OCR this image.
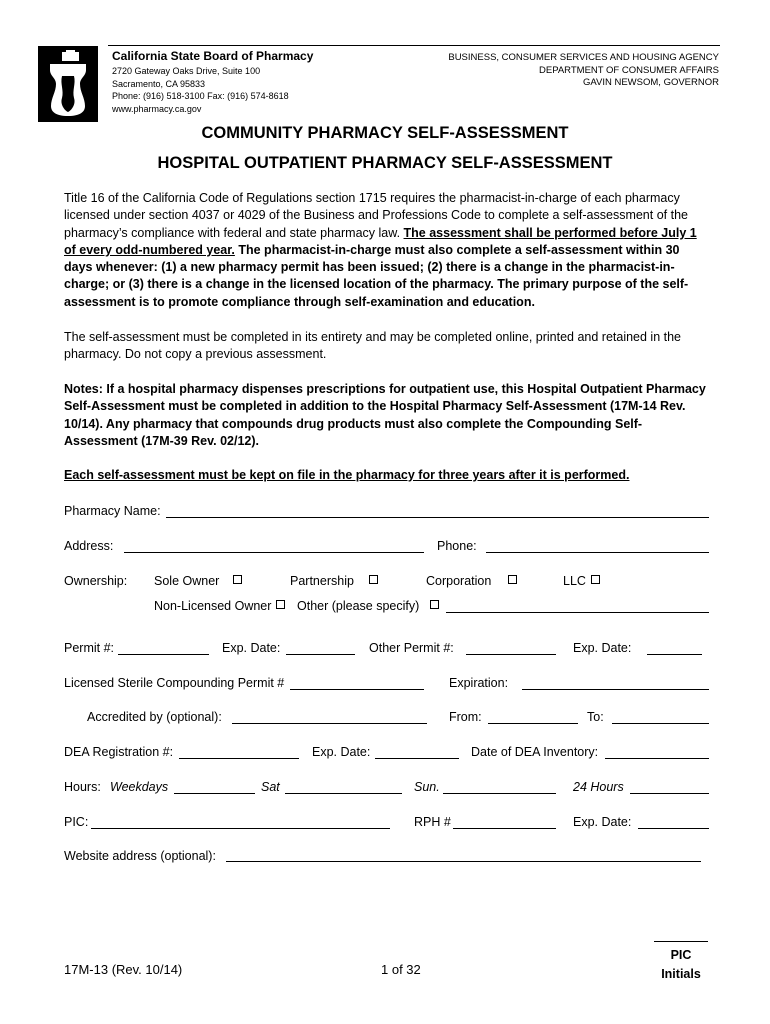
California State Board of Pharmacy
2720 Gateway Oaks Drive, Suite 100
Sacramento, CA 95833
Phone: (916) 518-3100 Fax: (916) 574-8618
www.pharmacy.ca.gov
BUSINESS, CONSUMER SERVICES AND HOUSING AGENCY
DEPARTMENT OF CONSUMER AFFAIRS
GAVIN NEWSOM, GOVERNOR
COMMUNITY PHARMACY SELF-ASSESSMENT
HOSPITAL OUTPATIENT PHARMACY SELF-ASSESSMENT
Title 16 of the California Code of Regulations section 1715 requires the pharmacist-in-charge of each pharmacy licensed under section 4037 or 4029 of the Business and Professions Code to complete a self-assessment of the pharmacy’s compliance with federal and state pharmacy law. The assessment shall be performed before July 1 of every odd-numbered year. The pharmacist-in-charge must also complete a self-assessment within 30 days whenever: (1) a new pharmacy permit has been issued; (2) there is a change in the pharmacist-in-charge; or (3) there is a change in the licensed location of the pharmacy. The primary purpose of the self-assessment is to promote compliance through self-examination and education.
The self-assessment must be completed in its entirety and may be completed online, printed and retained in the pharmacy. Do not copy a previous assessment.
Notes: If a hospital pharmacy dispenses prescriptions for outpatient use, this Hospital Outpatient Pharmacy Self-Assessment must be completed in addition to the Hospital Pharmacy Self-Assessment (17M-14 Rev. 10/14). Any pharmacy that compounds drug products must also complete the Compounding Self-Assessment (17M-39 Rev. 02/12).
Each self-assessment must be kept on file in the pharmacy for three years after it is performed.
Pharmacy Name:
Address:	Phone:
Ownership: Sole Owner	Partnership	Corporation	LLC
Non-Licensed Owner Other (please specify)
Permit #:	Exp. Date:	Other Permit #:	Exp. Date:
Licensed Sterile Compounding Permit #	Expiration:
Accredited by (optional):	From:	To:
DEA Registration #:	Exp. Date:	Date of DEA Inventory:
Hours: Weekdays	Sat	Sun.	24 Hours
PIC:	RPH #	Exp. Date:
Website address (optional):
17M-13 (Rev. 10/14)	1 of 32
PIC
Initials
